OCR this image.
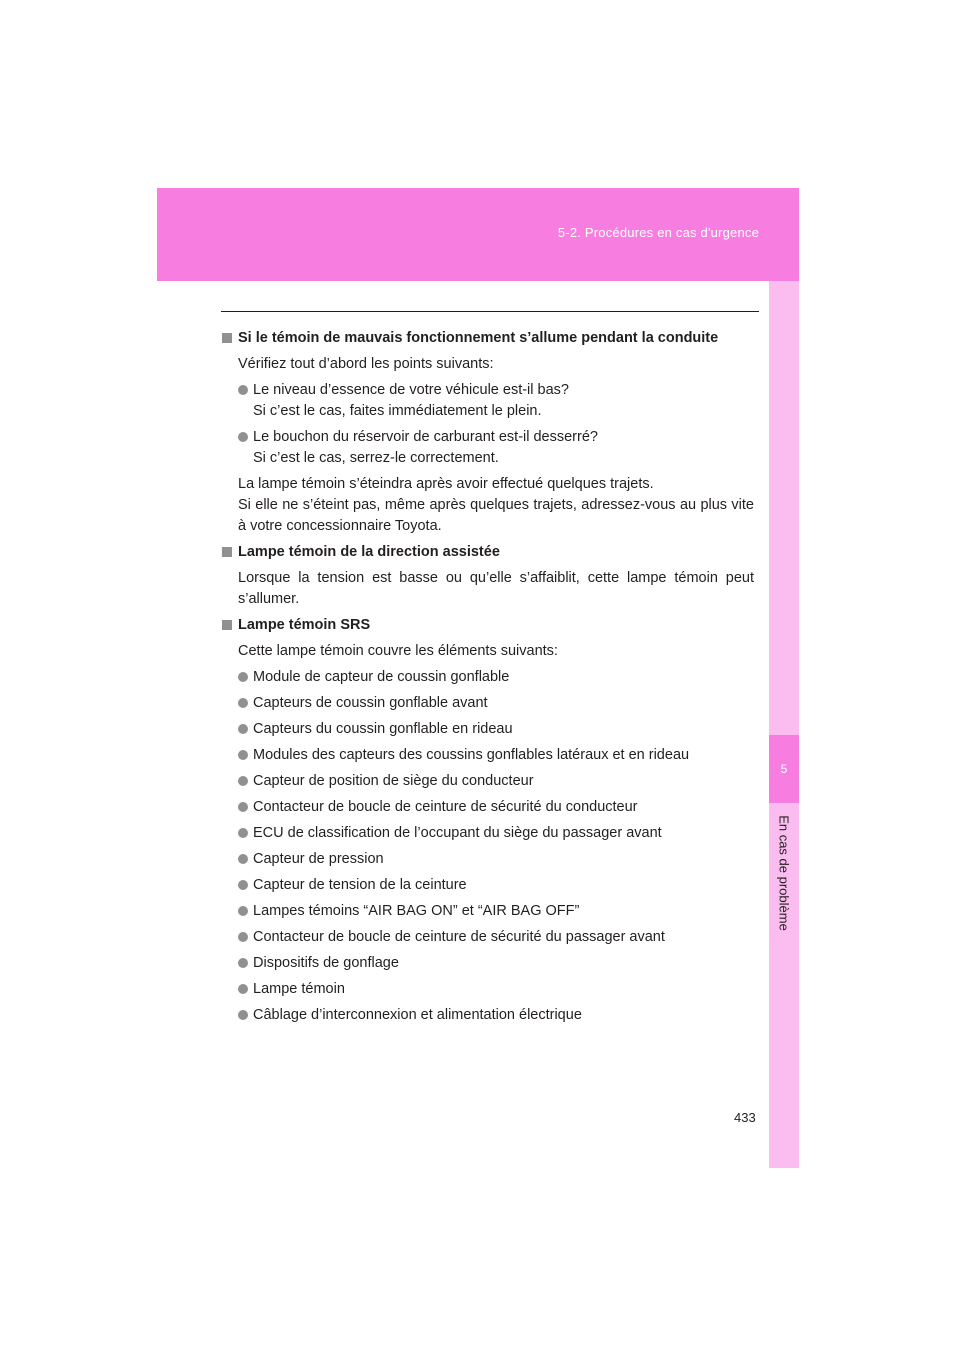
5-2. Procédures en cas d'urgence
5
En cas de problème
Si le témoin de mauvais fonctionnement s’allume pendant la conduite
Vérifiez tout d’abord les points suivants:
Le niveau d’essence de votre véhicule est-il bas?
Si c’est le cas, faites immédiatement le plein.
Le bouchon du réservoir de carburant est-il desserré?
Si c’est le cas, serrez-le correctement.
La lampe témoin s’éteindra après avoir effectué quelques trajets.
Si elle ne s’éteint pas, même après quelques trajets, adressez-vous au plus vite à votre concessionnaire Toyota.
Lampe témoin de la direction assistée
Lorsque la tension est basse ou qu’elle s’affaiblit, cette lampe témoin peut s’allumer.
Lampe témoin SRS
Cette lampe témoin couvre les éléments suivants:
Module de capteur de coussin gonflable
Capteurs de coussin gonflable avant
Capteurs du coussin gonflable en rideau
Modules des capteurs des coussins gonflables latéraux et en rideau
Capteur de position de siège du conducteur
Contacteur de boucle de ceinture de sécurité du conducteur
ECU de classification de l’occupant du siège du passager avant
Capteur de pression
Capteur de tension de la ceinture
Lampes témoins “AIR BAG ON” et “AIR BAG OFF”
Contacteur de boucle de ceinture de sécurité du passager avant
Dispositifs de gonflage
Lampe témoin
Câblage d’interconnexion et alimentation électrique
433
